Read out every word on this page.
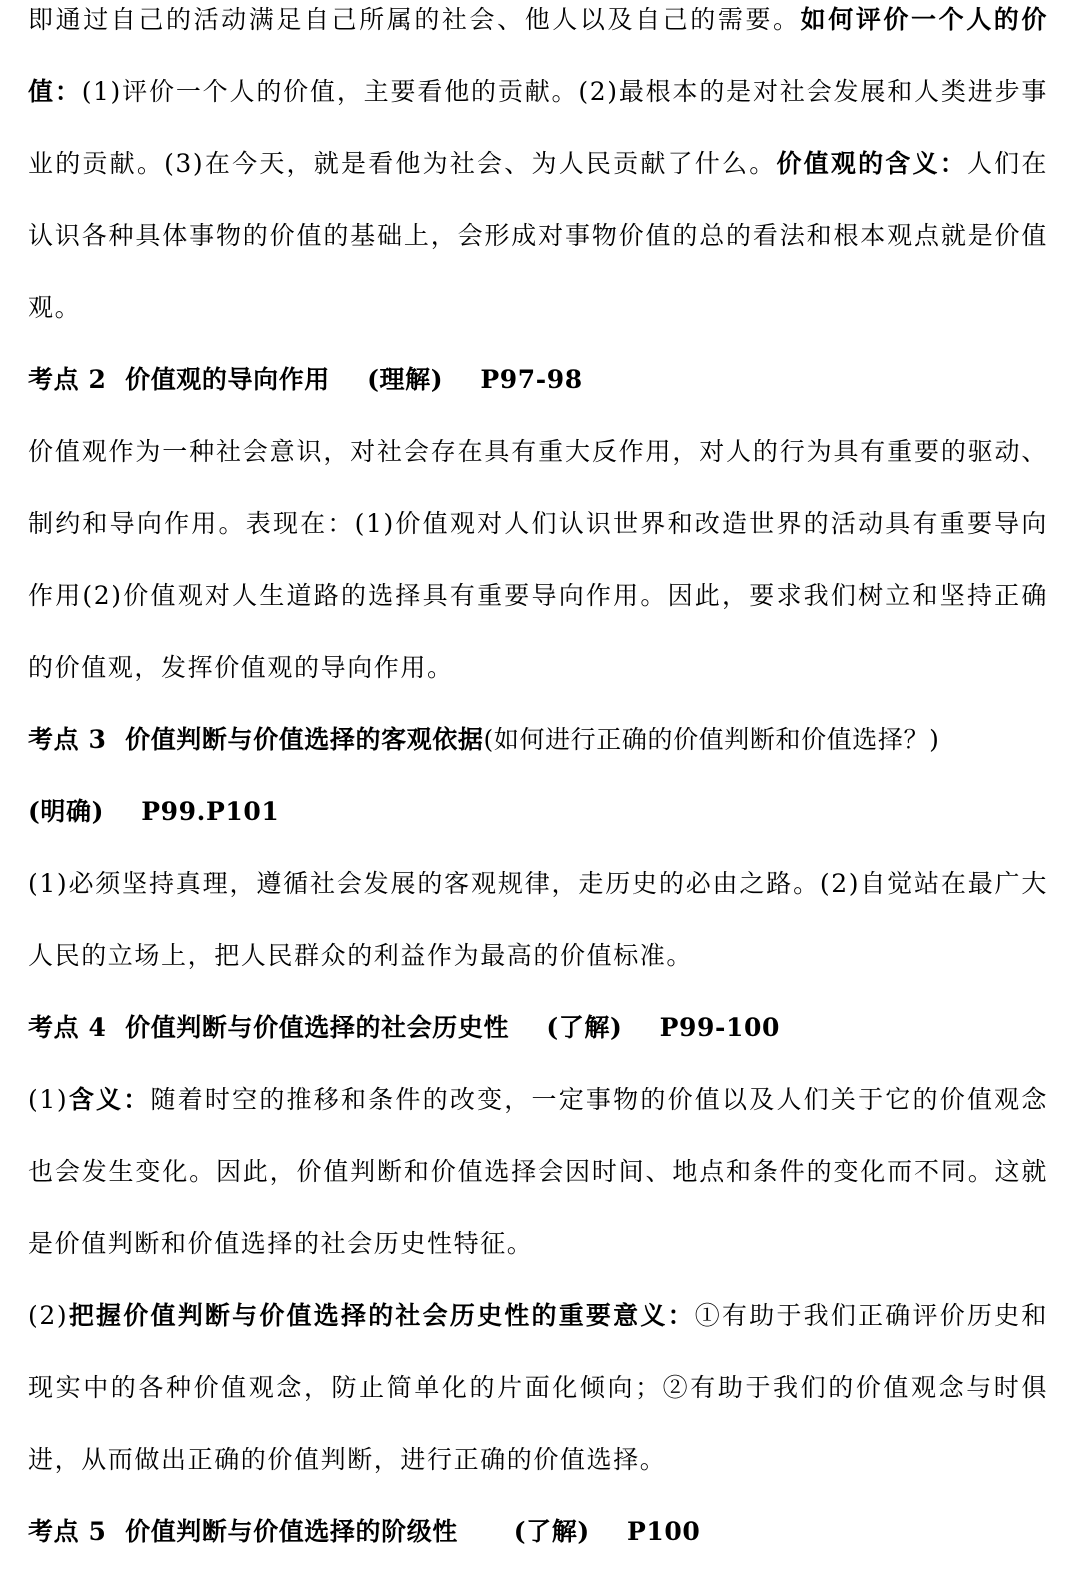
即通过自己的活动满足自己所属的社会、他人以及自己的需要。如何评价一个人的价值：(1)评价一个人的价值，主要看他的贡献。(2)最根本的是对社会发展和人类进步事业的贡献。(3)在今天，就是看他为社会、为人民贡献了什么。价值观的含义：人们在认识各种具体事物的价值的基础上，会形成对事物价值的总的看法和根本观点就是价值观。

考点 2  价值观的导向作用    (理解)    P97-98

价值观作为一种社会意识，对社会存在具有重大反作用，对人的行为具有重要的驱动、制约和导向作用。表现在：(1)价值观对人们认识世界和改造世界的活动具有重要导向作用(2)价值观对人生道路的选择具有重要导向作用。因此，要求我们树立和坚持正确的价值观，发挥价值观的导向作用。

考点 3  价值判断与价值选择的客观依据(如何进行正确的价值判断和价值选择？)

(明确)    P99.P101

(1)必须坚持真理，遵循社会发展的客观规律，走历史的必由之路。(2)自觉站在最广大人民的立场上，把人民群众的利益作为最高的价值标准。

考点 4  价值判断与价值选择的社会历史性    (了解)    P99-100

(1)含义：随着时空的推移和条件的改变，一定事物的价值以及人们关于它的价值观念也会发生变化。因此，价值判断和价值选择会因时间、地点和条件的变化而不同。这就是价值判断和价值选择的社会历史性特征。

(2)把握价值判断与价值选择的社会历史性的重要意义：①有助于我们正确评价历史和现实中的各种价值观念，防止简单化的片面化倾向；②有助于我们的价值观念与时俱进，从而做出正确的价值判断，进行正确的价值选择。

考点 5  价值判断与价值选择的阶级性      (了解)    P100
